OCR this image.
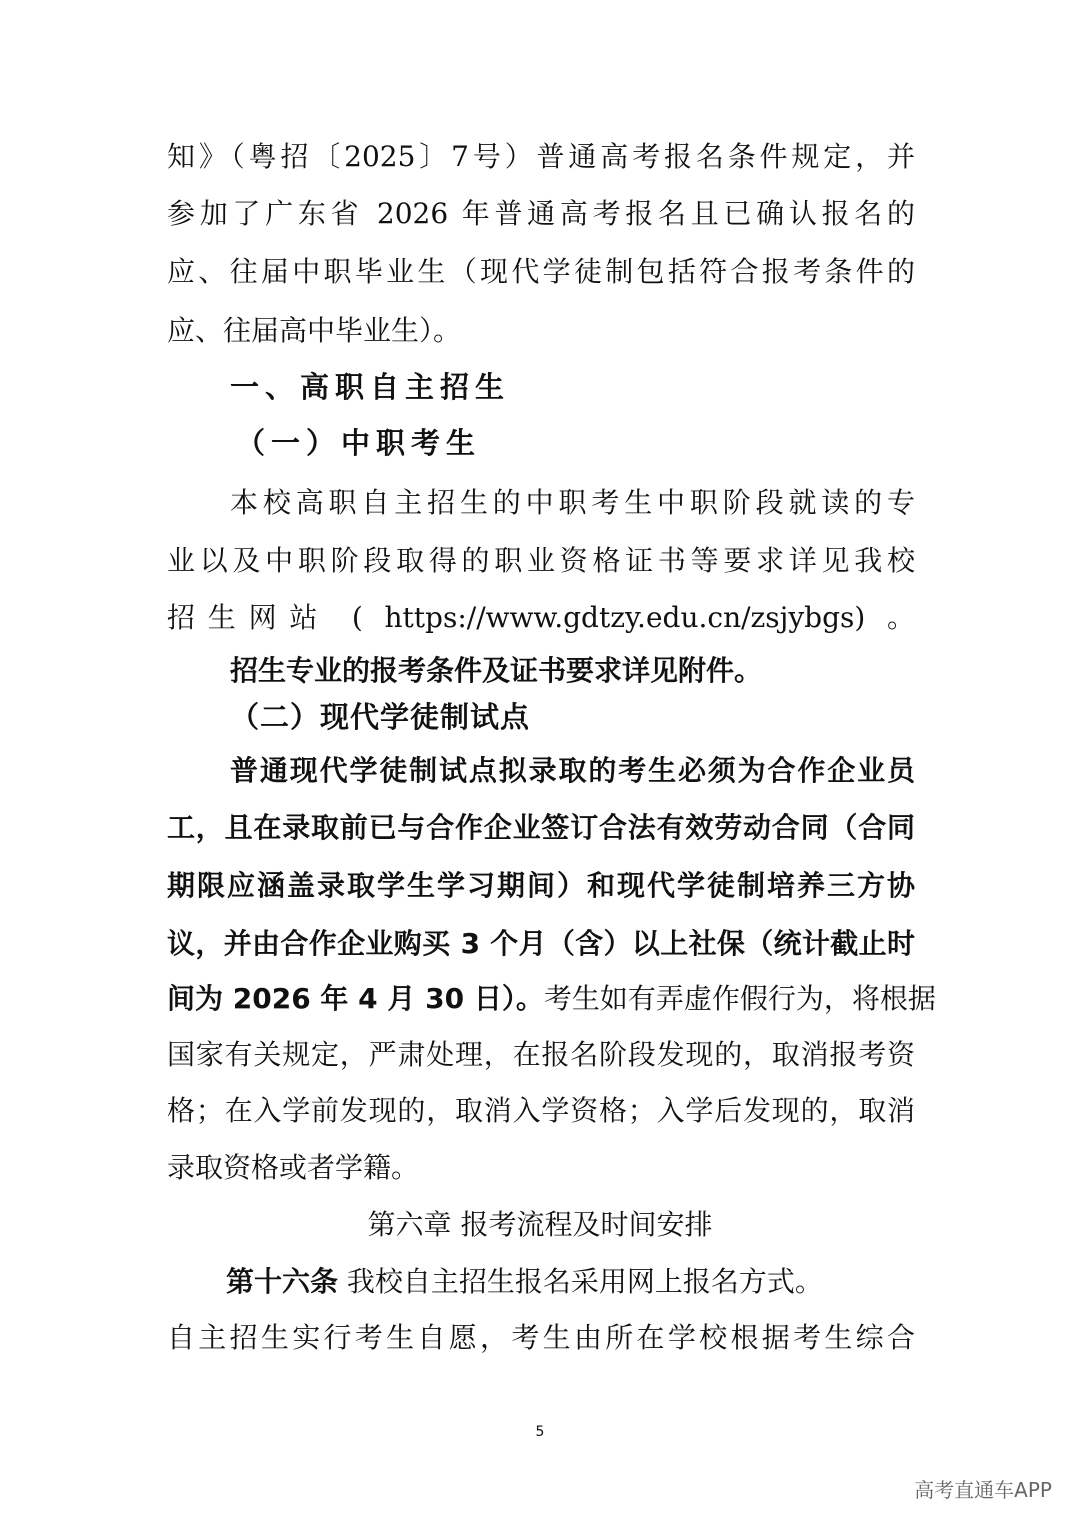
知》（粤招〔2025〕7号）普通高考报名条件规定，并
参加了广东省 2026 年普通高考报名且已确认报名的
应、往届中职毕业生（现代学徒制包括符合报考条件的
应、往届高中毕业生）。
一、高职自主招生
（一）中职考生
本校高职自主招生的中职考生中职阶段就读的专
业以及中职阶段取得的职业资格证书等要求详见我校
招生网站 ( https://www.gdtzy.edu.cn/zsjybgs) 。
招生专业的报考条件及证书要求详见附件。
（二）现代学徒制试点
普通现代学徒制试点拟录取的考生必须为合作企业员
工，且在录取前已与合作企业签订合法有效劳动合同（合同
期限应涵盖录取学生学习期间）和现代学徒制培养三方协
议，并由合作企业购买 3 个月（含）以上社保（统计截止时
间为 2026 年 4 月 30 日）。考生如有弄虚作假行为，将根据
国家有关规定，严肃处理，在报名阶段发现的，取消报考资
格；在入学前发现的，取消入学资格；入学后发现的，取消
录取资格或者学籍。
第六章 报考流程及时间安排
第十六条 我校自主招生报名采用网上报名方式。
自主招生实行考生自愿，考生由所在学校根据考生综合
5
高考直通车APP
